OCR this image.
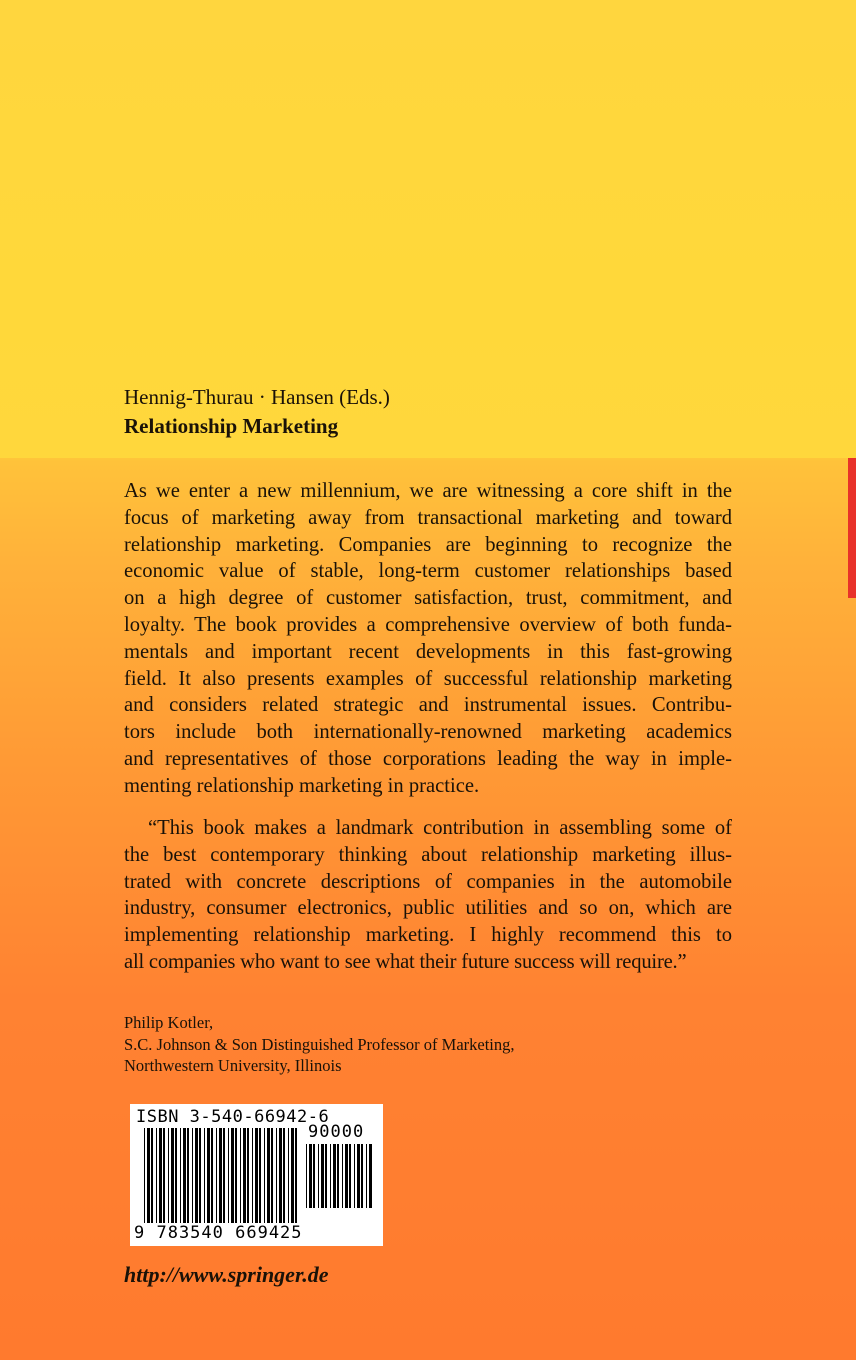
Hennig-Thurau · Hansen (Eds.)
Relationship Marketing
As we enter a new millennium, we are witnessing a core shift in the
focus of marketing away from transactional marketing and toward
relationship marketing. Companies are beginning to recognize the
economic value of stable, long-term customer relationships based
on a high degree of customer satisfaction, trust, commitment, and
loyalty. The book provides a comprehensive overview of both funda-
mentals and important recent developments in this fast-growing
field. It also presents examples of successful relationship marketing
and considers related strategic and instrumental issues. Contribu-
tors include both internationally-renowned marketing academics
and representatives of those corporations leading the way in imple-
menting relationship marketing in practice.
“This book makes a landmark contribution in assembling some of
the best contemporary thinking about relationship marketing illus-
trated with concrete descriptions of companies in the automobile
industry, consumer electronics, public utilities and so on, which are
implementing relationship marketing. I highly recommend this to
all companies who want to see what their future success will require.”
Philip Kotler,
S.C. Johnson & Son Distinguished Professor of Marketing,
Northwestern University, Illinois
ISBN 3-540-66942-6
90000
9 783540 669425
http://www.springer.de
